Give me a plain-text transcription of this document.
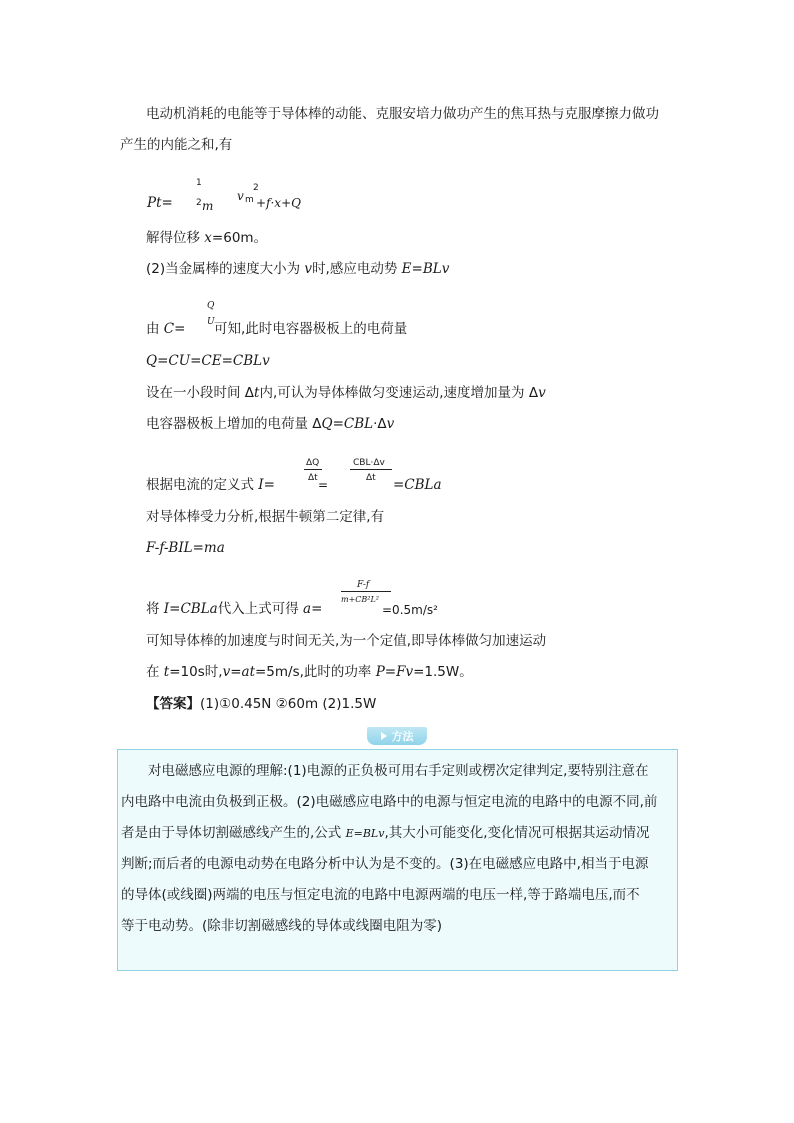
电动机消耗的电能等于导体棒的动能、克服安培力做功产生的焦耳热与克服摩擦力做功
产生的内能之和,有
Pt=
1
2 m
v m
2
+f·x+Q
解得位移 x=60m。
(2)当金属棒的速度大小为 v时,感应电动势 E=BLv
由 C=
Q
U 可知,此时电容器极板上的电荷量
Q=CU=CE=CBLv
设在一小段时间 Δt内,可认为导体棒做匀变速运动,速度增加量为 Δv
电容器极板上增加的电荷量 ΔQ=CBL·Δv
根据电流的定义式 I=
ΔQ
Δt =
CBL·Δv
Δt =CBLa
对导体棒受力分析,根据牛顿第二定律,有
F-f-BIL=ma
将 I=CBLa代入上式可得 a=
F-f
m+CB²L²
=0.5m/s²
可知导体棒的加速度与时间无关,为一个定值,即导体棒做匀加速运动
在 t=10s时,v=at=5m/s,此时的功率 P=Fv=1.5W。
【答案】(1)①0.45N ②60m (2)1.5W
方法
对电磁感应电源的理解:(1)电源的正负极可用右手定则或楞次定律判定,要特别注意在
内电路中电流由负极到正极。(2)电磁感应电路中的电源与恒定电流的电路中的电源不同,前
者是由于导体切割磁感线产生的,公式 E=BLv,其大小可能变化,变化情况可根据其运动情况
判断;而后者的电源电动势在电路分析中认为是不变的。(3)在电磁感应电路中,相当于电源
的导体(或线圈)两端的电压与恒定电流的电路中电源两端的电压一样,等于路端电压,而不
等于电动势。(除非切割磁感线的导体或线圈电阻为零)
